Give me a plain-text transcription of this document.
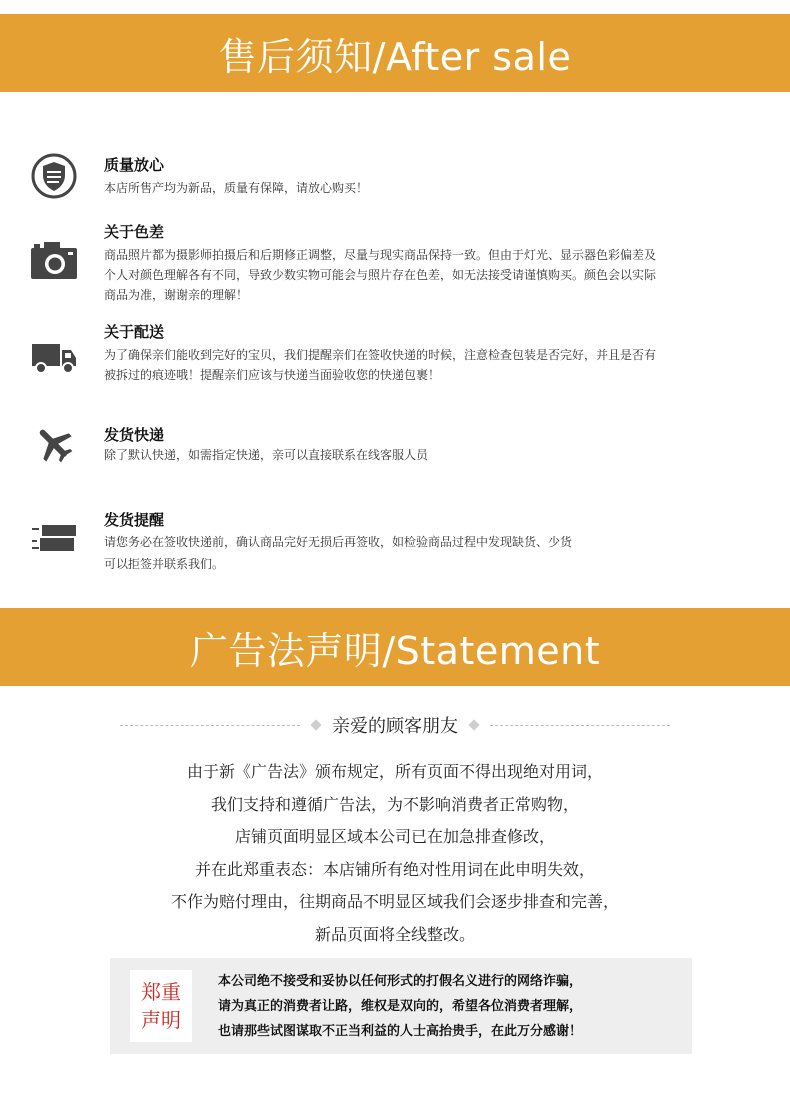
售后须知/After sale
质量放心
本店所售产均为新品，质量有保障，请放心购买！
关于色差
商品照片都为摄影师拍摄后和后期修正调整，尽量与现实商品保持一致。但由于灯光、显示器色彩偏差及
个人对颜色理解各有不同，导致少数实物可能会与照片存在色差，如无法接受请谨慎购买。颜色会以实际
商品为准，谢谢亲的理解！
关于配送
为了确保亲们能收到完好的宝贝，我们提醒亲们在签收快递的时候，注意检查包装是否完好，并且是否有
被拆过的痕迹哦！提醒亲们应该与快递当面验收您的快递包裹！
发货快递
除了默认快递，如需指定快递，亲可以直接联系在线客服人员
发货提醒
请您务必在签收快递前，确认商品完好无损后再签收，如检验商品过程中发现缺货、少货
可以拒签并联系我们。
广告法声明/Statement
亲爱的顾客朋友
由于新《广告法》颁布规定，所有页面不得出现绝对用词，
我们支持和遵循广告法，为不影响消费者正常购物，
店铺页面明显区域本公司已在加急排查修改，
并在此郑重表态：本店铺所有绝对性用词在此申明失效，
不作为赔付理由，往期商品不明显区域我们会逐步排查和完善，
新品页面将全线整改。
郑重
声明
本公司绝不接受和妥协以任何形式的打假名义进行的网络诈骗，
请为真正的消费者让路，维权是双向的，希望各位消费者理解，
也请那些试图谋取不正当利益的人士高抬贵手，在此万分感谢！
